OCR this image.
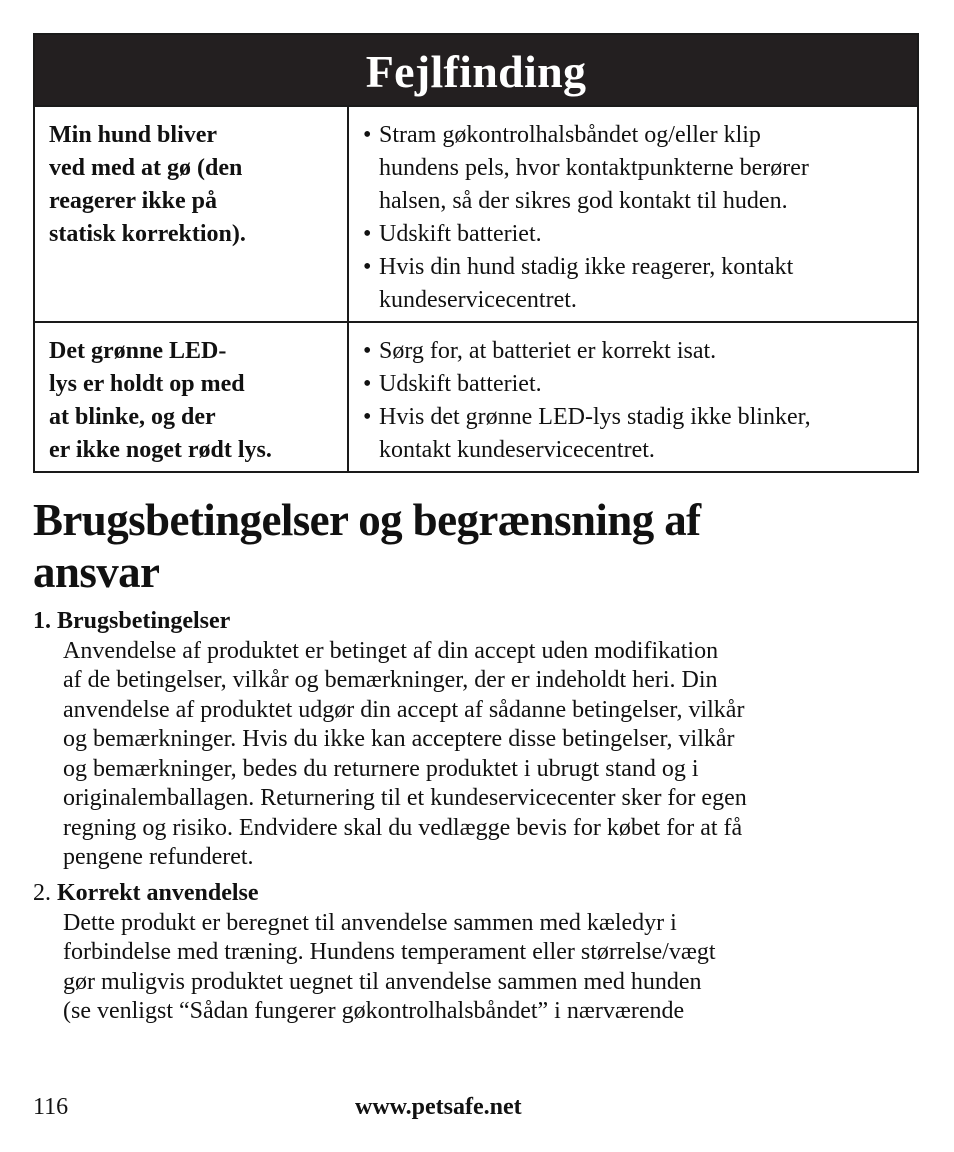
Fejlfinding
Min hund bliver
ved med at gø (den
reagerer ikke på
statisk korrektion).
• Stram gøkontrolhalsbåndet og/eller klip
hundens pels, hvor kontaktpunkterne berører
halsen, så der sikres god kontakt til huden.
• Udskift batteriet.
• Hvis din hund stadig ikke reagerer, kontakt
kundeservicecentret.
Det grønne LED-
lys er holdt op med
at blinke, og der
er ikke noget rødt lys.
• Sørg for, at batteriet er korrekt isat.
• Udskift batteriet.
• Hvis det grønne LED-lys stadig ikke blinker,
kontakt kundeservicecentret.
Brugsbetingelser og begrænsning af
ansvar
1. Brugsbetingelser
Anvendelse af produktet er betinget af din accept uden modifikation
af de betingelser, vilkår og bemærkninger, der er indeholdt heri. Din
anvendelse af produktet udgør din accept af sådanne betingelser, vilkår
og bemærkninger. Hvis du ikke kan acceptere disse betingelser, vilkår
og bemærkninger, bedes du returnere produktet i ubrugt stand og i
originalemballagen. Returnering til et kundeservicecenter sker for egen
regning og risiko. Endvidere skal du vedlægge bevis for købet for at få
pengene refunderet.
2. Korrekt anvendelse
Dette produkt er beregnet til anvendelse sammen med kæledyr i
forbindelse med træning. Hundens temperament eller størrelse/vægt
gør muligvis produktet uegnet til anvendelse sammen med hunden
(se venligst “Sådan fungerer gøkontrolhalsbåndet” i nærværende
116	www.petsafe.net
